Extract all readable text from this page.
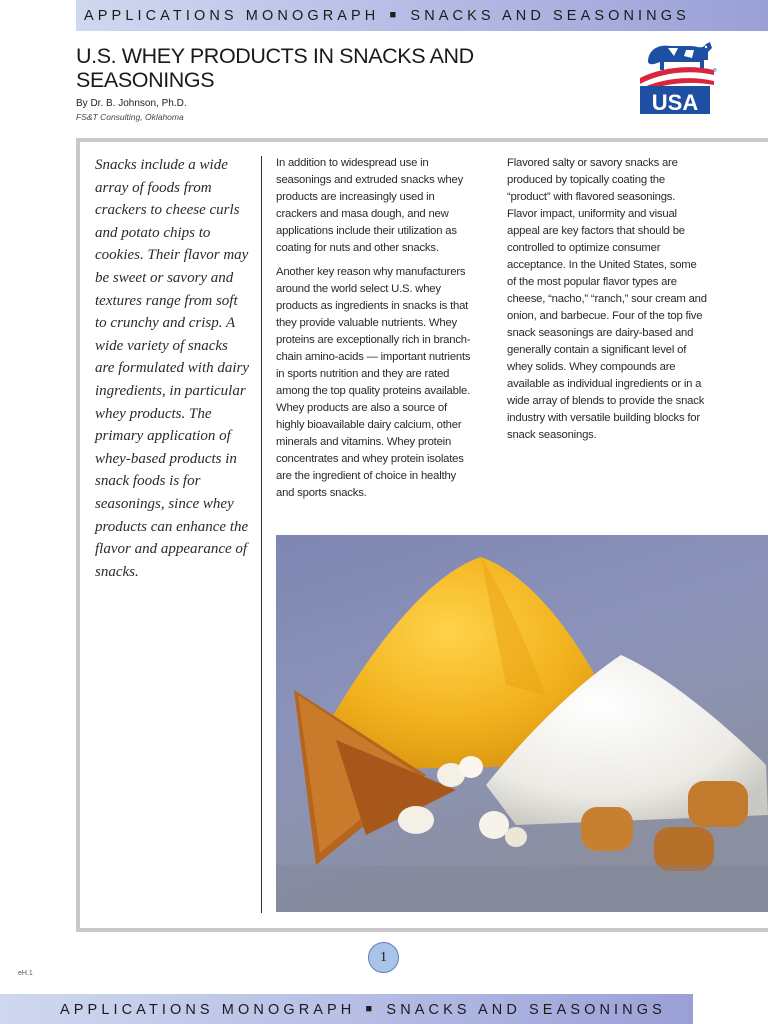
APPLICATIONS MONOGRAPH ■ SNACKS AND SEASONINGS
U.S. WHEY PRODUCTS IN SNACKS AND SEASONINGS
By Dr. B. Johnson, Ph.D.
FS&T Consulting, Oklahoma
USA
®
Snacks include a wide array of foods from crackers to cheese curls and potato chips to cookies. Their flavor may be sweet or savory and textures range from soft to crunchy and crisp. A wide variety of snacks are formulated with dairy ingredients, in particular whey products. The primary application of whey-based products in snack foods is for seasonings, since whey products can enhance the flavor and appearance of snacks.

In addition to widespread use in seasonings and extruded snacks whey products are increasingly used in crackers and masa dough, and new applications include their utilization as coating for nuts and other snacks.

Another key reason why manufacturers around the world select U.S. whey products as ingredients in snacks is that they provide valuable nutrients. Whey proteins are exceptionally rich in branch-chain amino-acids — important nutrients in sports nutrition and they are rated among the top quality proteins available. Whey products are also a source of highly bioavailable dairy calcium, other minerals and vitamins. Whey protein concentrates and whey protein isolates are the ingredient of choice in healthy and sports snacks.

Flavored salty or savory snacks are produced by topically coating the “product” with flavored seasonings. Flavor impact, uniformity and visual appeal are key factors that should be controlled to optimize consumer acceptance. In the United States, some of the most popular flavor types are cheese, “nacho,” “ranch,” sour cream and onion, and barbecue. Four of the top five snack seasonings are dairy-based and generally contain a significant level of whey solids. Whey compounds are available as individual ingredients or in a wide array of blends to provide the snack industry with versatile building blocks for snack seasonings.

1
eH.1
APPLICATIONS MONOGRAPH ■ SNACKS AND SEASONINGS
